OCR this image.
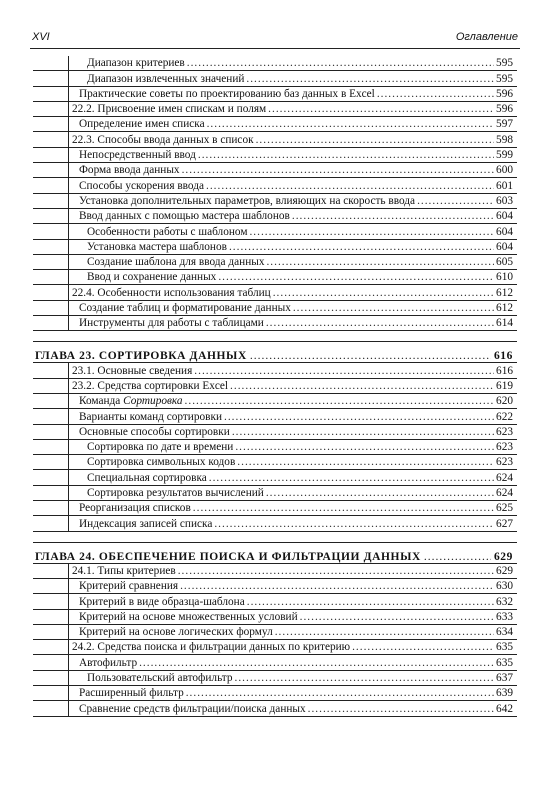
XVI	Оглавление
Диапазон критериев .....	595
Диапазон извлеченных значений .....	595
Практические советы по проектированию баз данных в Excel .....	596
22.2. Присвоение имен спискам и полям .....	596
Определение имен списка .....	597
22.3. Способы ввода данных в список .....	598
Непосредственный ввод .....	599
Форма ввода данных .....	600
Способы ускорения ввода .....	601
Установка дополнительных параметров, влияющих на скорость ввода .....	603
Ввод данных с помощью мастера шаблонов .....	604
Особенности работы с шаблоном .....	604
Установка мастера шаблонов .....	604
Создание шаблона для ввода данных .....	605
Ввод и сохранение данных .....	610
22.4. Особенности использования таблиц .....	612
Создание таблиц и форматирование данных .....	612
Инструменты для работы с таблицами .....	614
ГЛАВА 23. СОРТИРОВКА ДАННЫХ .....	616
23.1. Основные сведения .....	616
23.2. Средства сортировки Excel .....	619
Команда Сортировка .....	620
Варианты команд сортировки .....	622
Основные способы сортировки .....	623
Сортировка по дате и времени .....	623
Сортировка символьных кодов .....	623
Специальная сортировка .....	624
Сортировка результатов вычислений .....	624
Реорганизация списков .....	625
Индексация записей списка .....	627
ГЛАВА 24. ОБЕСПЕЧЕНИЕ ПОИСКА И ФИЛЬТРАЦИИ ДАННЫХ .....	629
24.1. Типы критериев .....	629
Критерий сравнения .....	630
Критерий в виде образца-шаблона .....	632
Критерий на основе множественных условий .....	633
Критерий на основе логических формул .....	634
24.2. Средства поиска и фильтрации данных по критерию .....	635
Автофильтр .....	635
Пользовательский автофильтр .....	637
Расширенный фильтр .....	639
Сравнение средств фильтрации/поиска данных .....	642
